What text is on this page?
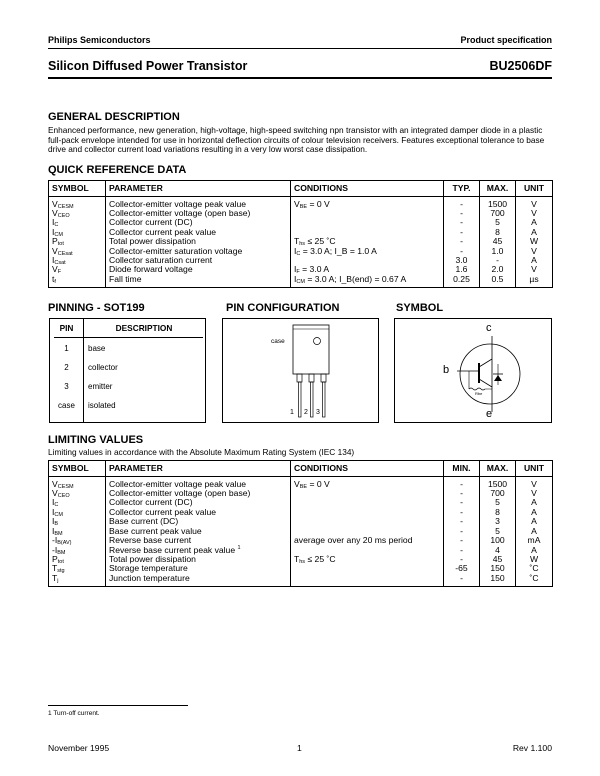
Philips Semiconductors	Product specification
Silicon Diffused Power Transistor	BU2506DF
GENERAL DESCRIPTION
Enhanced performance, new generation, high-voltage, high-speed switching npn transistor with an integrated damper diode in a plastic full-pack envelope intended for use in horizontal deflection circuits of colour television receivers. Features exceptional tolerance to base drive and collector current load variations resulting in a very low worst case dissipation.
QUICK REFERENCE DATA
SYMBOL	PARAMETER	CONDITIONS	TYP.	MAX.	UNIT
$V_{CESM}$	Collector-emitter voltage peak value	$V_{BE} = 0$ V	-	1500	V
$V_{CEO}$	Collector-emitter voltage (open base)		-	700	V
$I_C$	Collector current (DC)		-	5	A
$I_{CM}$	Collector current peak value		-	8	A
$P_{tot}$	Total power dissipation	$T_{hs} \le 25$ ˚C	-	45	W
$V_{CEsat}$	Collector-emitter saturation voltage	$I_C = 3.0$ A; I_B = 1.0 A	-	1.0	V
$I_{Csat}$	Collector saturation current		3.0	-	A
$V_F$	Diode forward voltage	$I_F = 3.0$ A	1.6	2.0	V
$t_f$	Fall time	$I_{CM} = 3.0$ A; I_B(end) = 0.67 A	0.25	0.5	µs
PINNING - SOT199	PIN CONFIGURATION	SYMBOL
PIN	DESCRIPTION
1	base
2	collector
3	emitter
case	isolated
case
1 2 3
c
b
e
Rbe
LIMITING VALUES
Limiting values in accordance with the Absolute Maximum Rating System (IEC 134)
SYMBOL	PARAMETER	CONDITIONS	MIN.	MAX.	UNIT
$V_{CESM}$	Collector-emitter voltage peak value	$V_{BE} = 0$ V	-	1500	V
$V_{CEO}$	Collector-emitter voltage (open base)		-	700	V
$I_C$	Collector current (DC)		-	5	A
$I_{CM}$	Collector current peak value		-	8	A
$I_B$	Base current (DC)		-	3	A
$I_{BM}$	Base current peak value		-	5	A
$-I_{B(AV)}$	Reverse base current	average over any 20 ms period	-	100	mA
$-I_{BM}$	Reverse base current peak value $^1$		-	4	A
$P_{tot}$	Total power dissipation	$T_{hs} \le 25$ ˚C	-	45	W
$T_{stg}$	Storage temperature		-65	150	˚C
$T_j$	Junction temperature		-	150	˚C
1 Turn-off current.
November 1995	1	Rev 1.100
